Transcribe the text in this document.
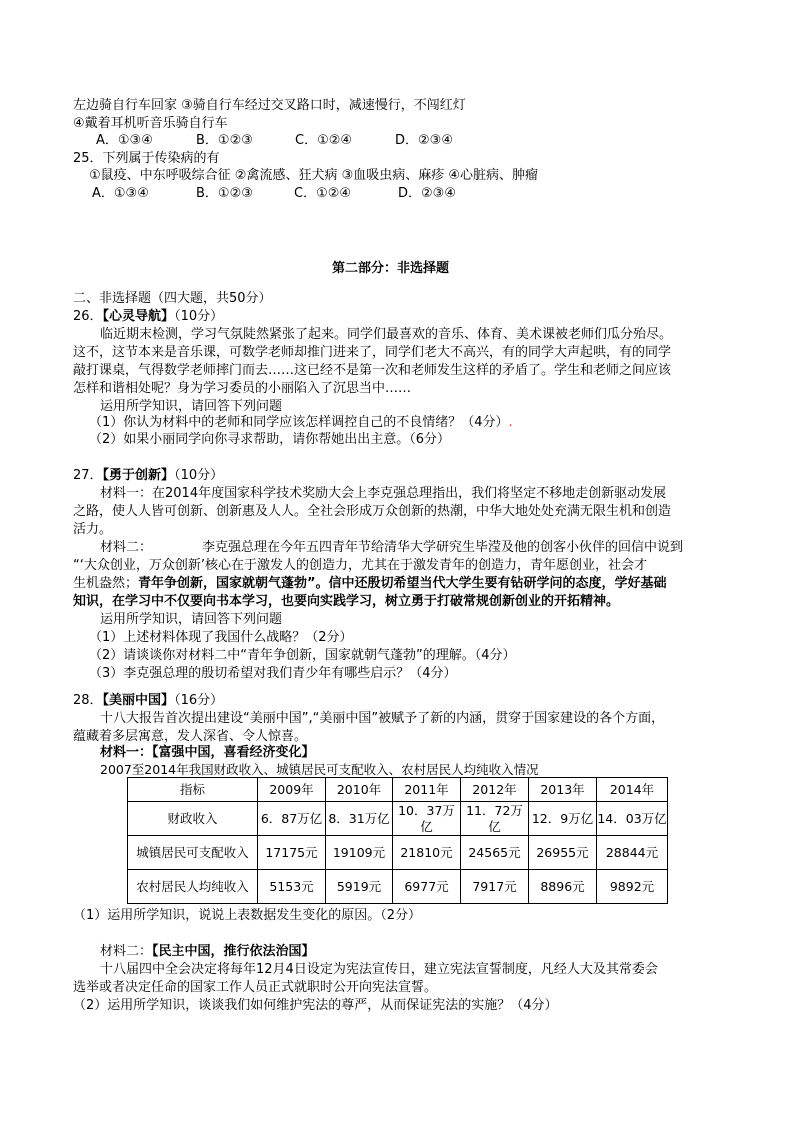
左边骑自行车回家 ③骑自行车经过交叉路口时，减速慢行，不闯红灯
④戴着耳机听音乐骑自行车
A．①③④	B．①②③	C．①②④	D．②③④
25．下列属于传染病的有
①鼠疫、中东呼吸综合征 ②禽流感、狂犬病 ③血吸虫病、麻疹 ④心脏病、肿瘤
A．①③④	B．①②③	C．①②④	D．②③④
第二部分：非选择题
二、非选择题（四大题，共50分）
26．【心灵导航】（10分）
临近期末检测，学习气氛陡然紧张了起来。同学们最喜欢的音乐、体育、美术课被老师们瓜分殆尽。
这不，这节本来是音乐课，可数学老师却推门进来了，同学们老大不高兴，有的同学大声起哄，有的同学
敲打课桌，气得数学老师摔门而去……这已经不是第一次和老师发生这样的矛盾了。学生和老师之间应该
怎样和谐相处呢？身为学习委员的小丽陷入了沉思当中……
运用所学知识，请回答下列问题
（1）你认为材料中的老师和同学应该怎样调控自己的不良情绪？（4分）.
（2）如果小丽同学向你寻求帮助，请你帮她出出主意。（6分）
27．【勇于创新】（10分）
材料一：在2014年度国家科学技术奖励大会上李克强总理指出，我们将坚定不移地走创新驱动发展
之路，使人人皆可创新、创新惠及人人。全社会形成万众创新的热潮，中华大地处处充满无限生机和创造
活力。
材料二：	李克强总理在今年五四青年节给清华大学研究生毕滢及他的创客小伙伴的回信中说到
“‘大众创业，万众创新’核心在于激发人的创造力，尤其在于激发青年的创造力，青年愿创业，社会才
生机盎然；青年争创新，国家就朝气蓬勃”。信中还殷切希望当代大学生要有钻研学问的态度，学好基础
知识，在学习中不仅要向书本学习，也要向实践学习，树立勇于打破常规创新创业的开拓精神。
运用所学知识，请回答下列问题
（1）上述材料体现了我国什么战略？（2分）
（2）请谈谈你对材料二中“青年争创新，国家就朝气蓬勃”的理解。（4分）
（3）李克强总理的殷切希望对我们青少年有哪些启示？（4分）
28．【美丽中国】（16分）
十八大报告首次提出建设“美丽中国”,“美丽中国”被赋予了新的内涵，贯穿于国家建设的各个方面，
蕴藏着多层寓意，发人深省、令人惊喜。
材料一：【富强中国，喜看经济变化】
2007至2014年我国财政收入、城镇居民可支配收入、农村居民人均纯收入情况
指标	2009年	2010年	2011年	2012年	2013年	2014年
财政收入	6．87万亿	8．31万亿	10．37万亿	11．72万亿	12．9万亿	14．03万亿
城镇居民可支配收入	17175元	19109元	21810元	24565元	26955元	28844元
农村居民人均纯收入	5153元	5919元	6977元	7917元	8896元	9892元
（1）运用所学知识，说说上表数据发生变化的原因。（2分）
材料二：【民主中国，推行依法治国】
十八届四中全会决定将每年12月4日设定为宪法宣传日，建立宪法宣誓制度，凡经人大及其常委会
选举或者决定任命的国家工作人员正式就职时公开向宪法宣誓。
（2）运用所学知识，谈谈我们如何维护宪法的尊严，从而保证宪法的实施？（4分）
